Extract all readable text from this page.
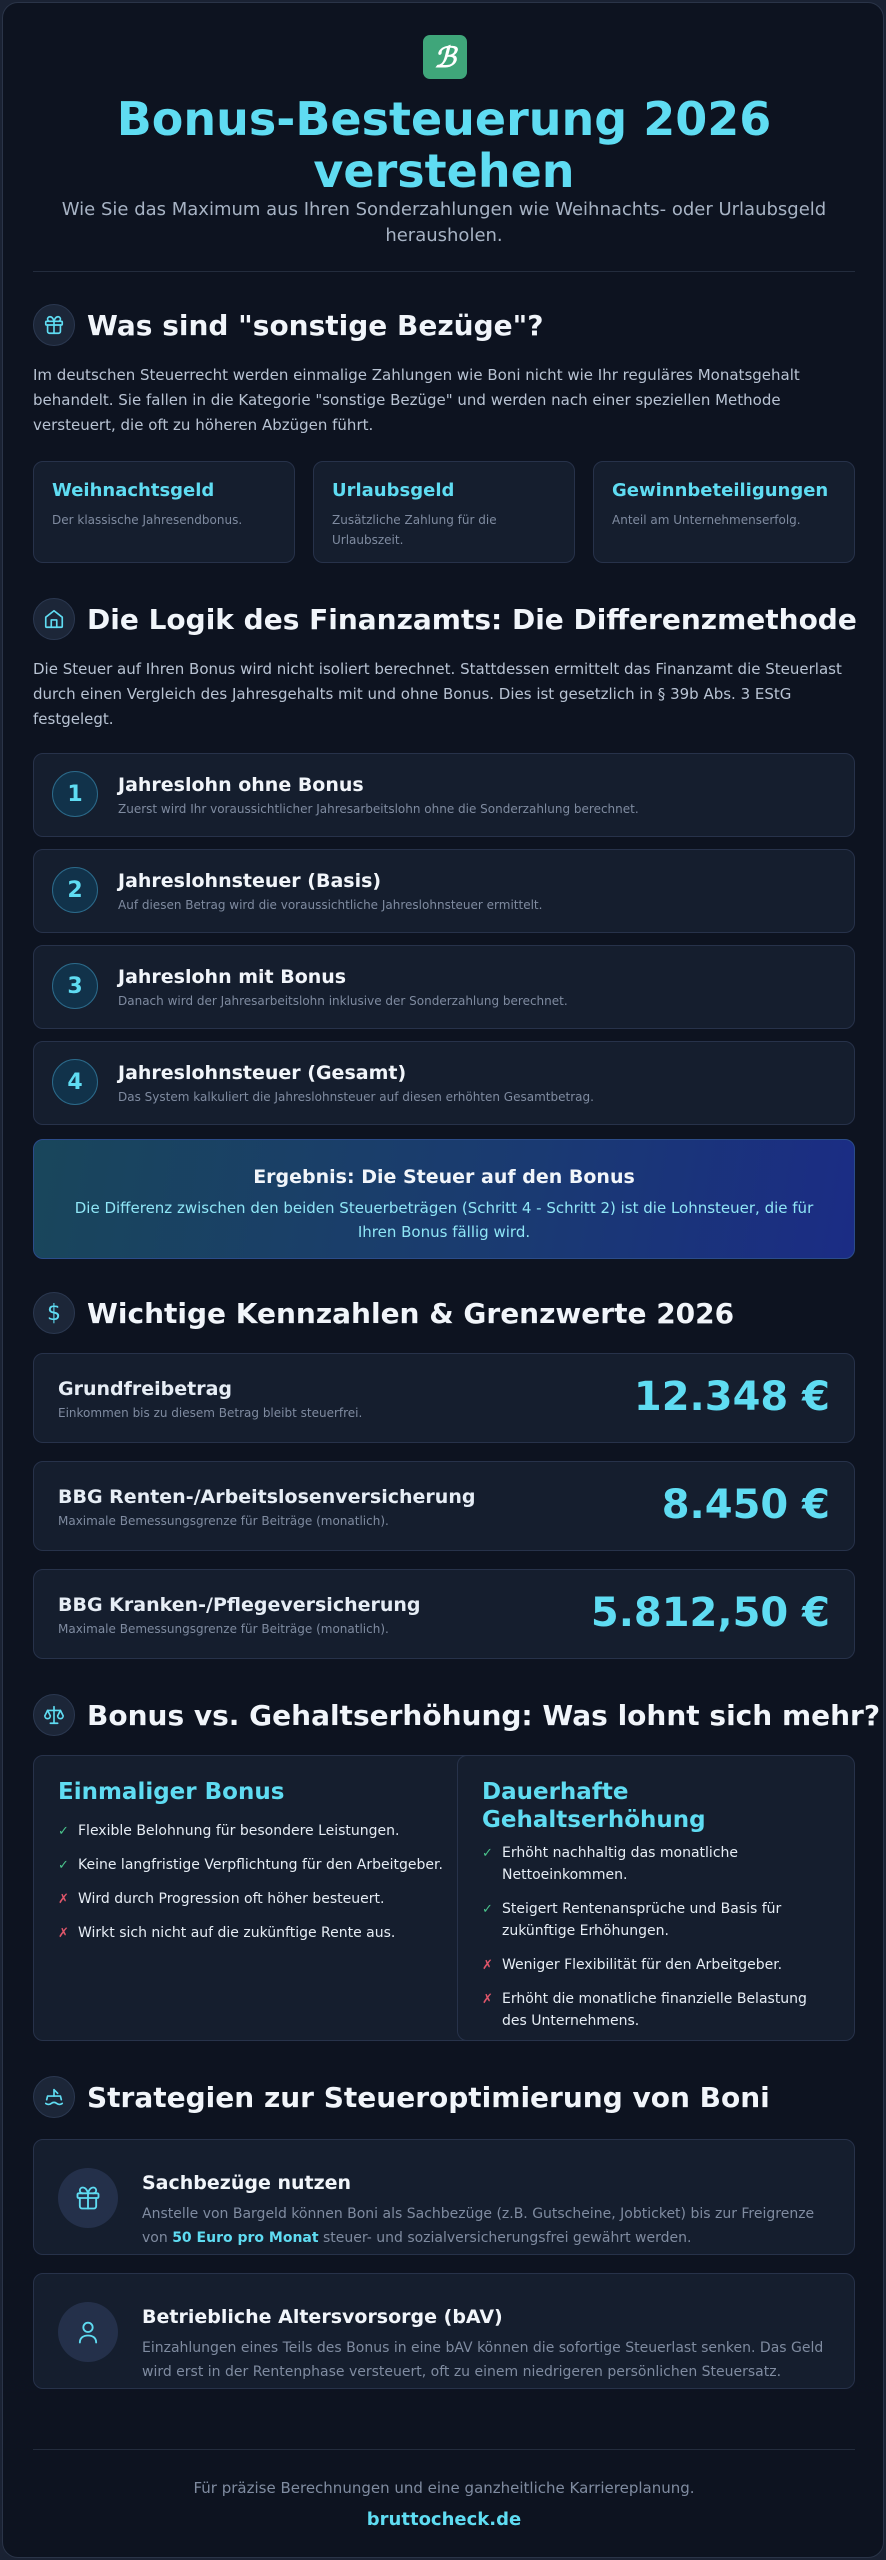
ℬ
Bonus-Besteuerung 2026 verstehen
Wie Sie das Maximum aus Ihren Sonderzahlungen wie Weihnachts- oder Urlaubsgeld herausholen.
Was sind "sonstige Bezüge"?
Im deutschen Steuerrecht werden einmalige Zahlungen wie Boni nicht wie Ihr reguläres Monatsgehalt behandelt. Sie fallen in die Kategorie "sonstige Bezüge" und werden nach einer speziellen Methode versteuert, die oft zu höheren Abzügen führt.
Weihnachtsgeld
Der klassische Jahresendbonus.
Urlaubsgeld
Zusätzliche Zahlung für die Urlaubszeit.
Gewinnbeteiligungen
Anteil am Unternehmenserfolg.
Die Logik des Finanzamts: Die Differenzmethode
Die Steuer auf Ihren Bonus wird nicht isoliert berechnet. Stattdessen ermittelt das Finanzamt die Steuerlast durch einen Vergleich des Jahresgehalts mit und ohne Bonus. Dies ist gesetzlich in § 39b Abs. 3 EStG festgelegt.
1	Jahreslohn ohne Bonus
Zuerst wird Ihr voraussichtlicher Jahresarbeitslohn ohne die Sonderzahlung berechnet.
2	Jahreslohnsteuer (Basis)
Auf diesen Betrag wird die voraussichtliche Jahreslohnsteuer ermittelt.
3	Jahreslohn mit Bonus
Danach wird der Jahresarbeitslohn inklusive der Sonderzahlung berechnet.
4	Jahreslohnsteuer (Gesamt)
Das System kalkuliert die Jahreslohnsteuer auf diesen erhöhten Gesamtbetrag.
Ergebnis: Die Steuer auf den Bonus
Die Differenz zwischen den beiden Steuerbeträgen (Schritt 4 - Schritt 2) ist die Lohnsteuer, die für Ihren Bonus fällig wird.
$ Wichtige Kennzahlen & Grenzwerte 2026
Grundfreibetrag
Einkommen bis zu diesem Betrag bleibt steuerfrei.	12.348 €
BBG Renten-/Arbeitslosenversicherung
Maximale Bemessungsgrenze für Beiträge (monatlich).	8.450 €
BBG Kranken-/Pflegeversicherung
Maximale Bemessungsgrenze für Beiträge (monatlich).	5.812,50 €
Bonus vs. Gehaltserhöhung: Was lohnt sich mehr?
Einmaliger Bonus
✓ Flexible Belohnung für besondere Leistungen.
✓ Keine langfristige Verpflichtung für den Arbeitgeber.
✗ Wird durch Progression oft höher besteuert.
✗ Wirkt sich nicht auf die zukünftige Rente aus.
Dauerhafte Gehaltserhöhung
✓ Erhöht nachhaltig das monatliche Nettoeinkommen.
✓ Steigert Rentenansprüche und Basis für zukünftige Erhöhungen.
✗ Weniger Flexibilität für den Arbeitgeber.
✗ Erhöht die monatliche finanzielle Belastung des Unternehmens.
Strategien zur Steueroptimierung von Boni
Sachbezüge nutzen
Anstelle von Bargeld können Boni als Sachbezüge (z.B. Gutscheine, Jobticket) bis zur Freigrenze von 50 Euro pro Monat steuer- und sozialversicherungsfrei gewährt werden.
Betriebliche Altersvorsorge (bAV)
Einzahlungen eines Teils des Bonus in eine bAV können die sofortige Steuerlast senken. Das Geld wird erst in der Rentenphase versteuert, oft zu einem niedrigeren persönlichen Steuersatz.
Für präzise Berechnungen und eine ganzheitliche Karriereplanung.
bruttocheck.de
